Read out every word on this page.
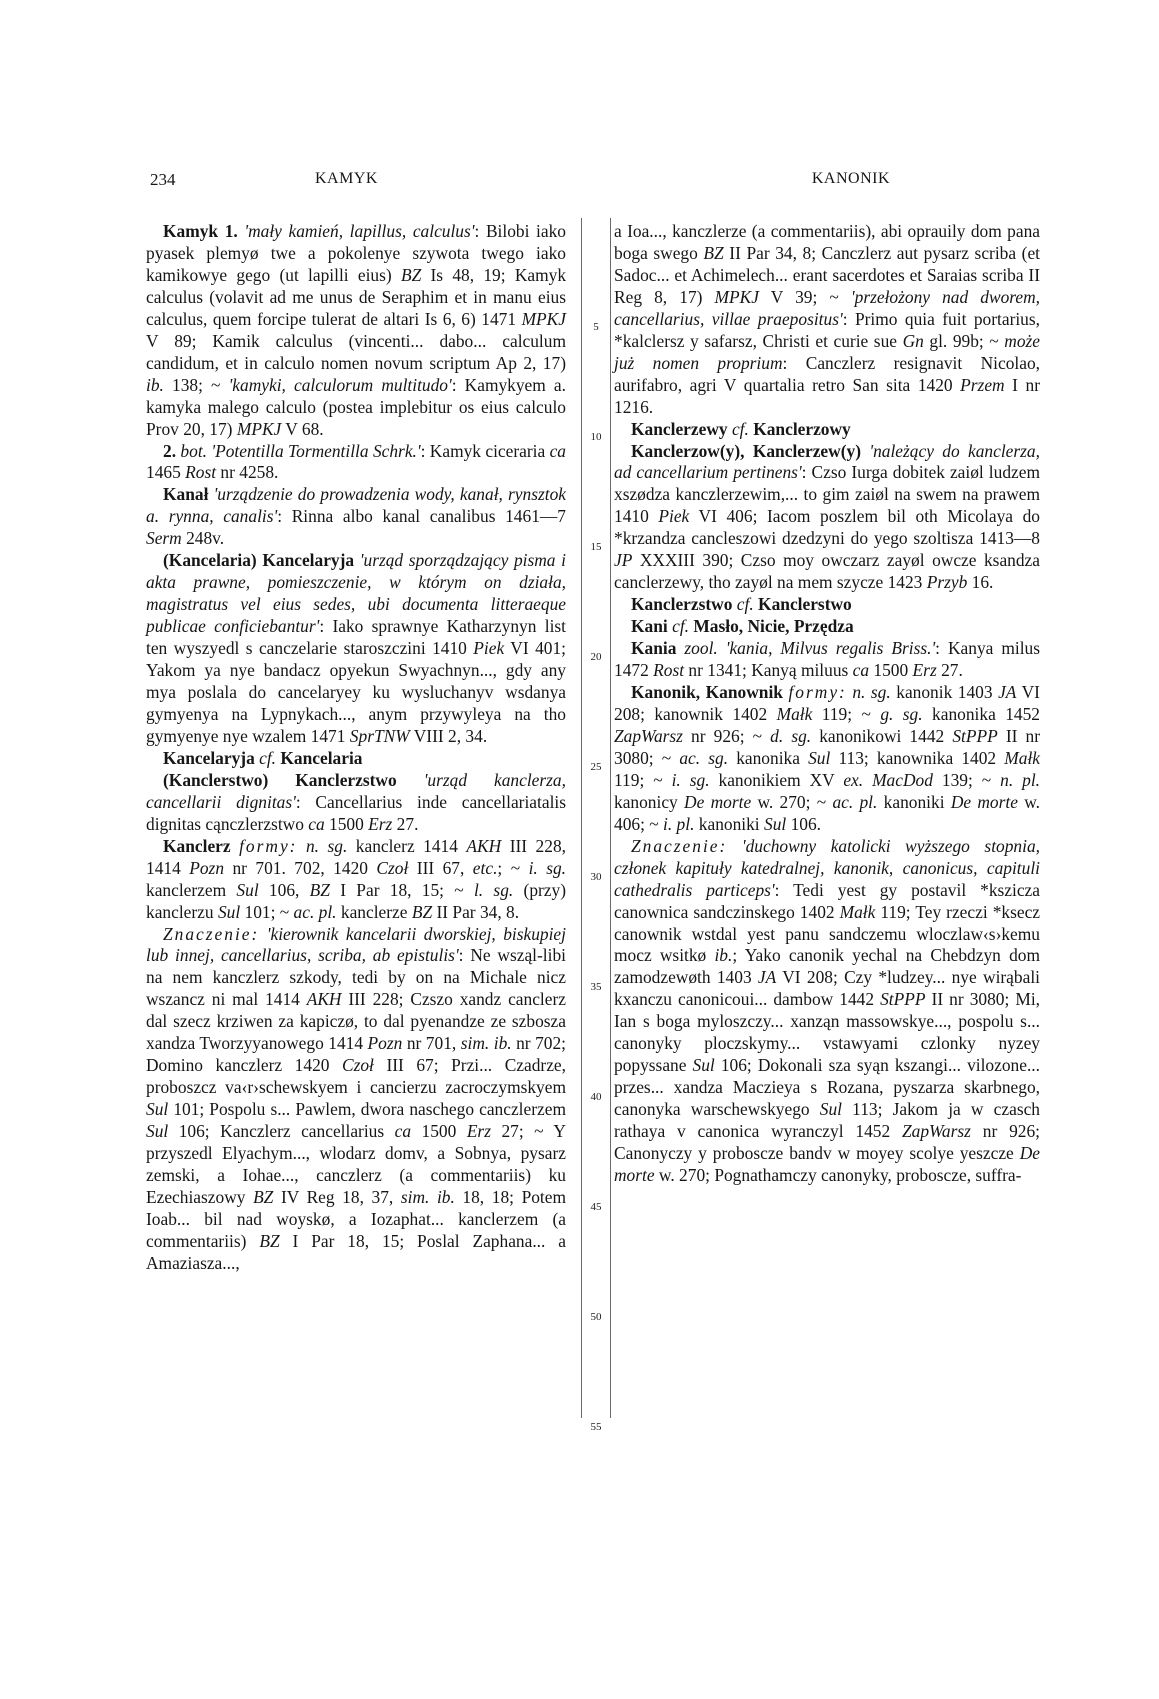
234	KAMYK	KANONIK
5
10
15
20
25
30
35
40
45
50
55

Kamyk 1. 'mały kamień, lapillus, calculus': Bilobi iako pyasek plemyø twe a pokolenye szywota twego iako kamikowye gego (ut lapilli eius) BZ Is 48, 19; Kamyk calculus (volavit ad me unus de Seraphim et in manu eius calculus, quem forcipe tulerat de altari Is 6, 6) 1471 MPKJ V 89; Kamik calculus (vincenti... dabo... calculum candidum, et in calculo nomen novum scriptum Ap 2, 17) ib. 138; ~ 'kamyki, calculorum multitudo': Kamykyem a. kamyka malego calculo (postea implebitur os eius calculo Prov 20, 17) MPKJ V 68.

2. bot. 'Potentilla Tormentilla Schrk.': Kamyk ciceraria ca 1465 Rost nr 4258.

Kanał 'urządzenie do prowadzenia wody, kanał, rynsztok a. rynna, canalis': Rinna albo kanal canalibus 1461—7 Serm 248v.

(Kancelaria) Kancelaryja 'urząd sporządzający pisma i akta prawne, pomieszczenie, w którym on działa, magistratus vel eius sedes, ubi documenta litteraeque publicae conficiebantur': Iako sprawnye Katharzynyn list ten wyszyedl s canczelarie staroszczini 1410 Piek VI 401; Yakom ya nye bandacz opyekun Swyachnyn..., gdy any mya poslala do cancelaryey ku wysluchanyv wsdanya gymyenya na Lypnykach..., anym przywyleya na tho gymyenye nye wzalem 1471 SprTNW VIII 2, 34.

Kancelaryja cf. Kancelaria

(Kanclerstwo) Kanclerzstwo 'urząd kanclerza, cancellarii dignitas': Cancellarius inde cancellariatalis dignitas cąnczlerzstwo ca 1500 Erz 27.

Kanclerz formy: n. sg. kanclerz 1414 AKH III 228, 1414 Pozn nr 701. 702, 1420 Czoł III 67, etc.; ~ i. sg. kanclerzem Sul 106, BZ I Par 18, 15; ~ l. sg. (przy) kanclerzu Sul 101; ~ ac. pl. kanclerze BZ II Par 34, 8.

Znaczenie: 'kierownik kancelarii dworskiej, biskupiej lub innej, cancellarius, scriba, ab epistulis': Ne wsząl-libi na nem kanczlerz szkody, tedi by on na Michale nicz wszancz ni mal 1414 AKH III 228; Czszo xandz canclerz dal szecz krziwen za kapiczø, to dal pyenandze ze szbosza xandza Tworzyyanowego 1414 Pozn nr 701, sim. ib. nr 702; Domino kanczlerz 1420 Czoł III 67; Przi... Czadrze, proboszcz va‹r›schewskyem i cancierzu zacroczymskyem Sul 101; Pospolu s... Pawlem, dwora naschego canczlerzem Sul 106; Kanczlerz cancellarius ca 1500 Erz 27; ~ Y przyszedl Elyachym..., wlodarz domv, a Sobnya, pysarz zemski, a Iohae..., canczlerz (a commentariis) ku Ezechiaszowy BZ IV Reg 18, 37, sim. ib. 18, 18; Potem Ioab... bil nad woyskø, a Iozaphat... kanclerzem (a commentariis) BZ I Par 18, 15; Poslal Zaphana... a Amaziasza...,

a Ioa..., kanczlerze (a commentariis), abi oprauily dom pana boga swego BZ II Par 34, 8; Canczlerz aut pysarz scriba (et Sadoc... et Achimelech... erant sacerdotes et Saraias scriba II Reg 8, 17) MPKJ V 39; ~ 'przełożony nad dworem, cancellarius, villae praepositus': Primo quia fuit portarius, *kalclersz y safarsz, Christi et curie sue Gn gl. 99b; ~ może już nomen proprium: Canczlerz resignavit Nicolao, aurifabro, agri V quartalia retro San sita 1420 Przem I nr 1216.

Kanclerzewy cf. Kanclerzowy

Kanclerzow(y), Kanclerzew(y) 'należący do kanclerza, ad cancellarium pertinens': Czso Iurga dobitek zaiøl ludzem xszødza kanczlerzewim,... to gim zaiøl na swem na prawem 1410 Piek VI 406; Iacom poszlem bil oth Micolaya do *krzandza cancleszowi dzedzyni do yego szoltisza 1413—8 JP XXXIII 390; Czso moy owczarz zayøl owcze ksandza canclerzewy, tho zayøl na mem szycze 1423 Przyb 16.

Kanclerzstwo cf. Kanclerstwo

Kani cf. Masło, Nicie, Przędza

Kania zool. 'kania, Milvus regalis Briss.': Kanya milus 1472 Rost nr 1341; Kanyą miluus ca 1500 Erz 27.

Kanonik, Kanownik formy: n. sg. kanonik 1403 JA VI 208; kanownik 1402 Małk 119; ~ g. sg. kanonika 1452 ZapWarsz nr 926; ~ d. sg. kanonikowi 1442 StPPP II nr 3080; ~ ac. sg. kanonika Sul 113; kanownika 1402 Małk 119; ~ i. sg. kanonikiem XV ex. MacDod 139; ~ n. pl. kanonicy De morte w. 270; ~ ac. pl. kanoniki De morte w. 406; ~ i. pl. kanoniki Sul 106.

Znaczenie: 'duchowny katolicki wyższego stopnia, członek kapituły katedralnej, kanonik, canonicus, capituli cathedralis particeps': Tedi yest gy postavil *kszicza canownica sandczinskego 1402 Małk 119; Tey rzeczi *ksecz canownik wstdal yest panu sandczemu wloczlaw‹s›kemu mocz wsitkø ib.; Yako canonik yechal na Chebdzyn dom zamodzewøth 1403 JA VI 208; Czy *ludzey... nye wirąbali kxanczu canonicoui... dambow 1442 StPPP II nr 3080; Mi, Ian s boga myloszczy... xanząn massowskye..., pospolu s... canonyky ploczskymy... vstawyami czlonky nyzey popyssane Sul 106; Dokonali sza syąn kszangi... vilozone... przes... xandza Maczieya s Rozana, pyszarza skarbnego, canonyka warschewskyego Sul 113; Jakom ja w czasch rathaya v canonica wyranczyl 1452 ZapWarsz nr 926; Canonyczy y proboscze bandv w moyey scolye yeszcze De morte w. 270; Pognathamczy canonyky, proboscze, suffra-
